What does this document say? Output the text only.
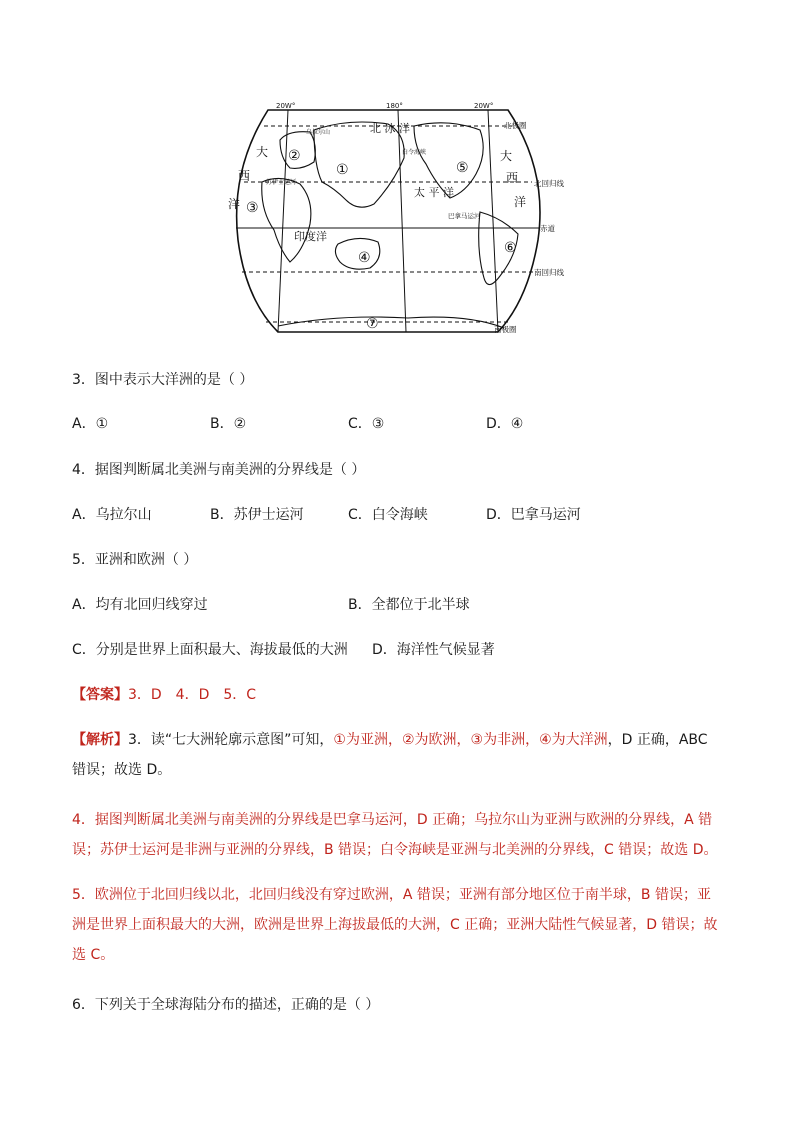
20W°	180°	20W°
北极圈
北回归线
赤道
南回归线
南极圈
北 冰 洋
太 平 洋
印度洋
大
西
洋
大
西
洋
苏伊士运河
乌拉尔山
白令海峡
巴拿马运河
②
①
③
④
⑤
⑥
⑦
3．图中表示大洋洲的是（ ）
A．①	B．②	C．③	D．④
4．据图判断属北美洲与南美洲的分界线是（ ）
A．乌拉尔山	B．苏伊士运河	C．白令海峡	D．巴拿马运河
5．亚洲和欧洲（ ）
A．均有北回归线穿过	B．全都位于北半球
C．分别是世界上面积最大、海拔最低的大洲 D．海洋性气候显著
【答案】3．D　4．D　5．C
【解析】3．读“七大洲轮廓示意图”可知，①为亚洲，②为欧洲，③为非洲，④为大洋洲，D 正确，ABC 错误；故选 D。
4．据图判断属北美洲与南美洲的分界线是巴拿马运河，D 正确；乌拉尔山为亚洲与欧洲的分界线，A 错误；苏伊士运河是非洲与亚洲的分界线，B 错误；白令海峡是亚洲与北美洲的分界线，C 错误；故选 D。
5．欧洲位于北回归线以北，北回归线没有穿过欧洲，A 错误；亚洲有部分地区位于南半球，B 错误；亚洲是世界上面积最大的大洲，欧洲是世界上海拔最低的大洲，C 正确；亚洲大陆性气候显著，D 错误；故选 C。
6．下列关于全球海陆分布的描述，正确的是（ ）
